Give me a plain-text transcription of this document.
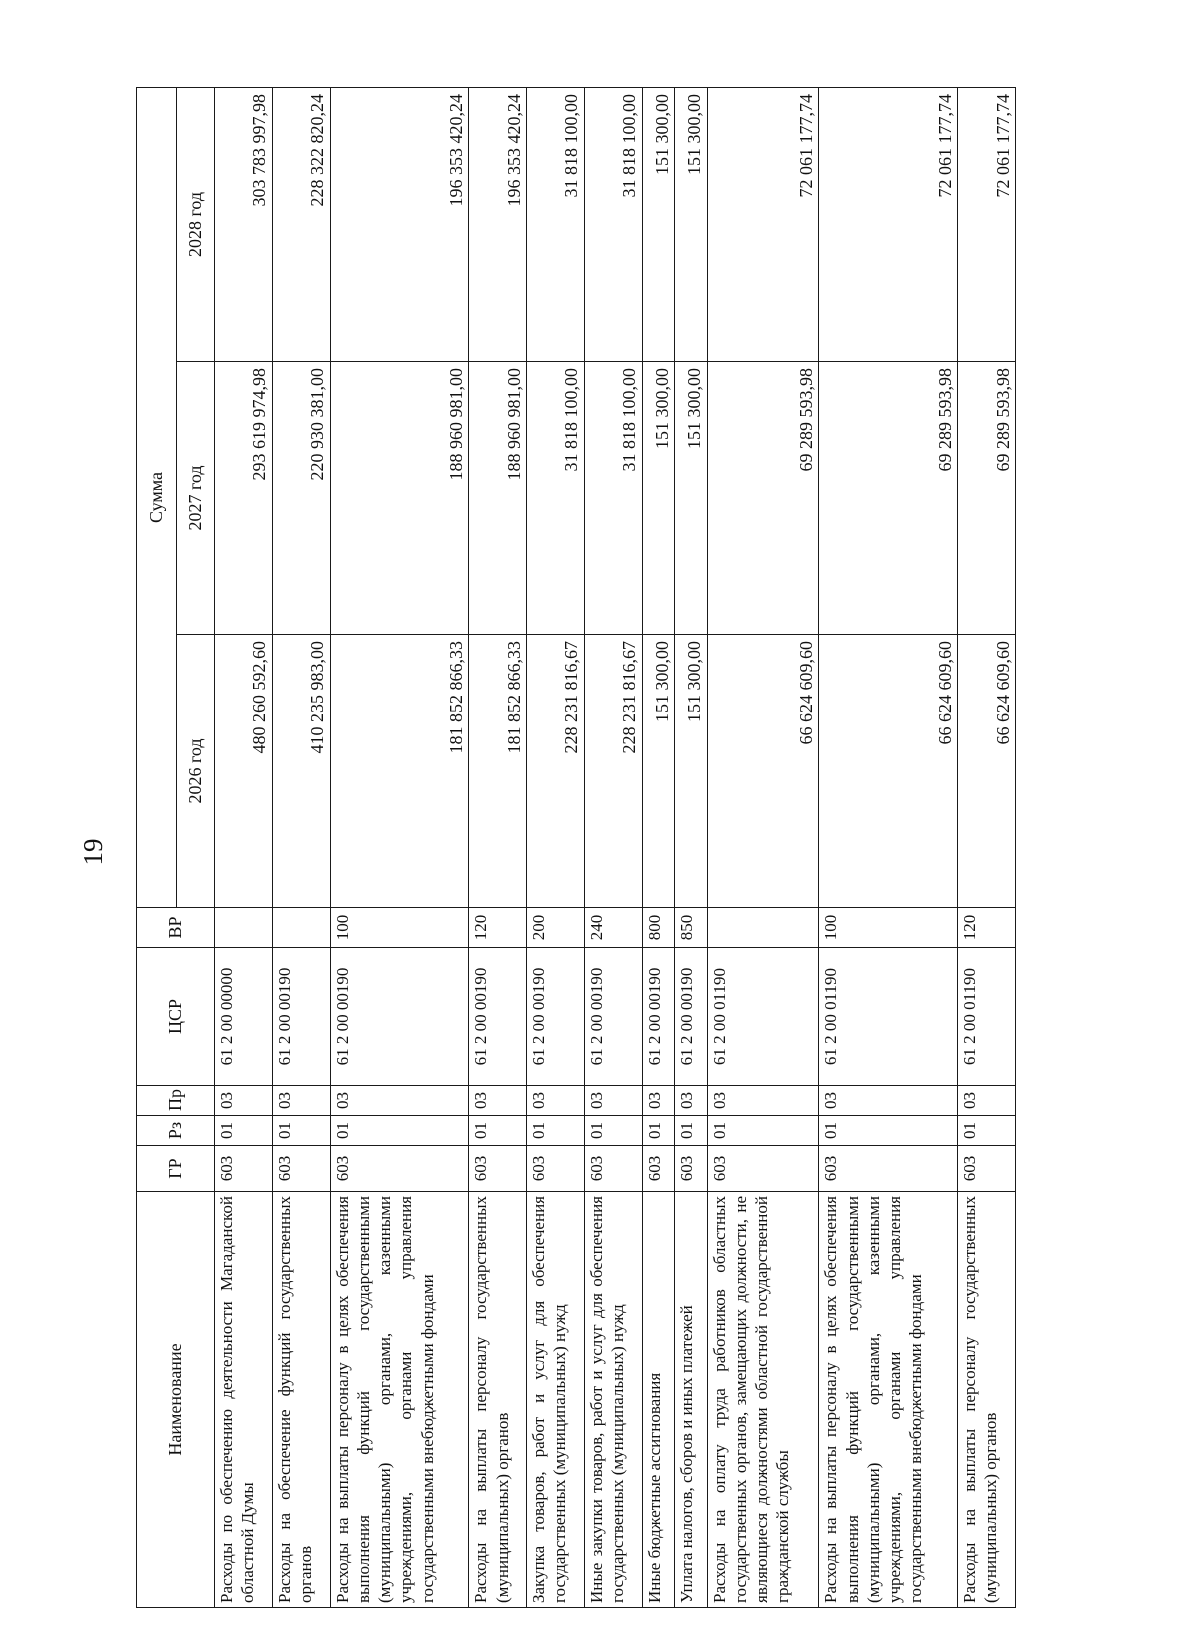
19
Наименование	ГР	Рз	Пр	ЦСР	ВР	Сумма		
						2026 год	2027 год	2028 год
Расходы по обеспечению деятельности Магаданской областной Думы	603	01	03	61 2 00 00000		480 260 592,60	293 619 974,98	303 783 997,98
Расходы на обеспечение функций государственных органов	603	01	03	61 2 00 00190		410 235 983,00	220 930 381,00	228 322 820,24
Расходы на выплаты персоналу в целях обеспечения выполнения функций государственными (муниципальными) органами, казенными учреждениями, органами управления государственными внебюджетными фондами	603	01	03	61 2 00 00190	100	181 852 866,33	188 960 981,00	196 353 420,24
Расходы на выплаты персоналу государственных (муниципальных) органов	603	01	03	61 2 00 00190	120	181 852 866,33	188 960 981,00	196 353 420,24
Закупка товаров, работ и услуг для обеспечения государственных (муниципальных) нужд	603	01	03	61 2 00 00190	200	228 231 816,67	31 818 100,00	31 818 100,00
Иные закупки товаров, работ и услуг для обеспечения государственных (муниципальных) нужд	603	01	03	61 2 00 00190	240	228 231 816,67	31 818 100,00	31 818 100,00
Иные бюджетные ассигнования	603	01	03	61 2 00 00190	800	151 300,00	151 300,00	151 300,00
Уплата налогов, сборов и иных платежей	603	01	03	61 2 00 00190	850	151 300,00	151 300,00	151 300,00
Расходы на оплату труда работников областных государственных органов, замещающих должности, не являющиеся должностями областной государственной гражданской службы	603	01	03	61 2 00 01190		66 624 609,60	69 289 593,98	72 061 177,74
Расходы на выплаты персоналу в целях обеспечения выполнения функций государственными (муниципальными) органами, казенными учреждениями, органами управления государственными внебюджетными фондами	603	01	03	61 2 00 01190	100	66 624 609,60	69 289 593,98	72 061 177,74
Расходы на выплаты персоналу государственных (муниципальных) органов	603	01	03	61 2 00 01190	120	66 624 609,60	69 289 593,98	72 061 177,74
